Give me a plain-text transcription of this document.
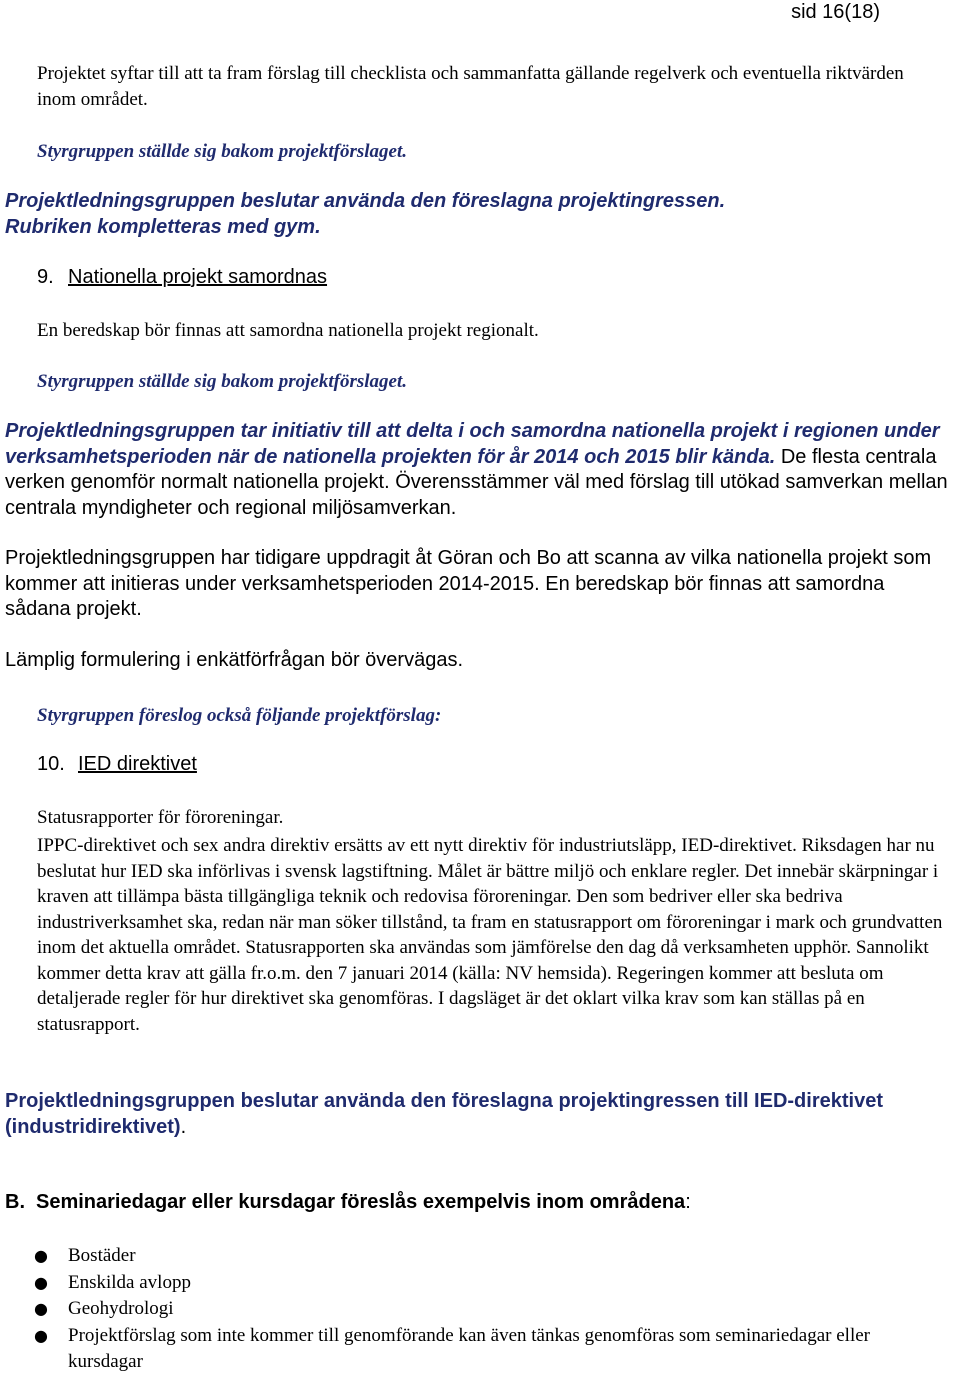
sid 16(18)
Projektet syftar till att ta fram förslag till checklista och sammanfatta gällande regelverk och eventuella riktvärden inom området.
Styrgruppen ställde sig bakom projektförslaget.
Projektledningsgruppen beslutar använda den föreslagna projektingressen.
Rubriken kompletteras med gym.
9. Nationella projekt samordnas
En beredskap bör finnas att samordna nationella projekt regionalt.
Styrgruppen ställde sig bakom projektförslaget.
Projektledningsgruppen tar initiativ till att delta i och samordna nationella projekt i regionen under verksamhetsperioden när de nationella projekten för år 2014 och 2015 blir kända. De flesta centrala verken genomför normalt nationella projekt. Överensstämmer väl med förslag till utökad samverkan mellan centrala myndigheter och regional miljösamverkan.
Projektledningsgruppen har tidigare uppdragit åt Göran och Bo att scanna av vilka nationella projekt som kommer att initieras under verksamhetsperioden 2014-2015. En beredskap bör finnas att samordna sådana projekt.
Lämplig formulering i enkätförfrågan bör övervägas.
Styrgruppen föreslog också följande projektförslag:
10. IED direktivet
Statusrapporter för föroreningar.
IPPC-direktivet och sex andra direktiv ersätts av ett nytt direktiv för industriutsläpp, IED-direktivet. Riksdagen har nu beslutat hur IED ska införlivas i svensk lagstiftning. Målet är bättre miljö och enklare regler. Det innebär skärpningar i kraven att tillämpa bästa tillgängliga teknik och redovisa föroreningar. Den som bedriver eller ska bedriva industriverksamhet ska, redan när man söker tillstånd, ta fram en statusrapport om föroreningar i mark och grundvatten inom det aktuella området. Statusrapporten ska användas som jämförelse den dag då verksamheten upphör. Sannolikt kommer detta krav att gälla fr.o.m. den 7 januari 2014 (källa: NV hemsida). Regeringen kommer att besluta om detaljerade regler för hur direktivet ska genomföras. I dagsläget är det oklart vilka krav som kan ställas på en statusrapport.
Projektledningsgruppen beslutar använda den föreslagna projektingressen till IED-direktivet (industridirektivet).
B. Seminariedagar eller kursdagar föreslås exempelvis inom områdena:
● Bostäder
● Enskilda avlopp
● Geohydrologi
● Projektförslag som inte kommer till genomförande kan även tänkas genomföras som seminariedagar eller kursdagar
